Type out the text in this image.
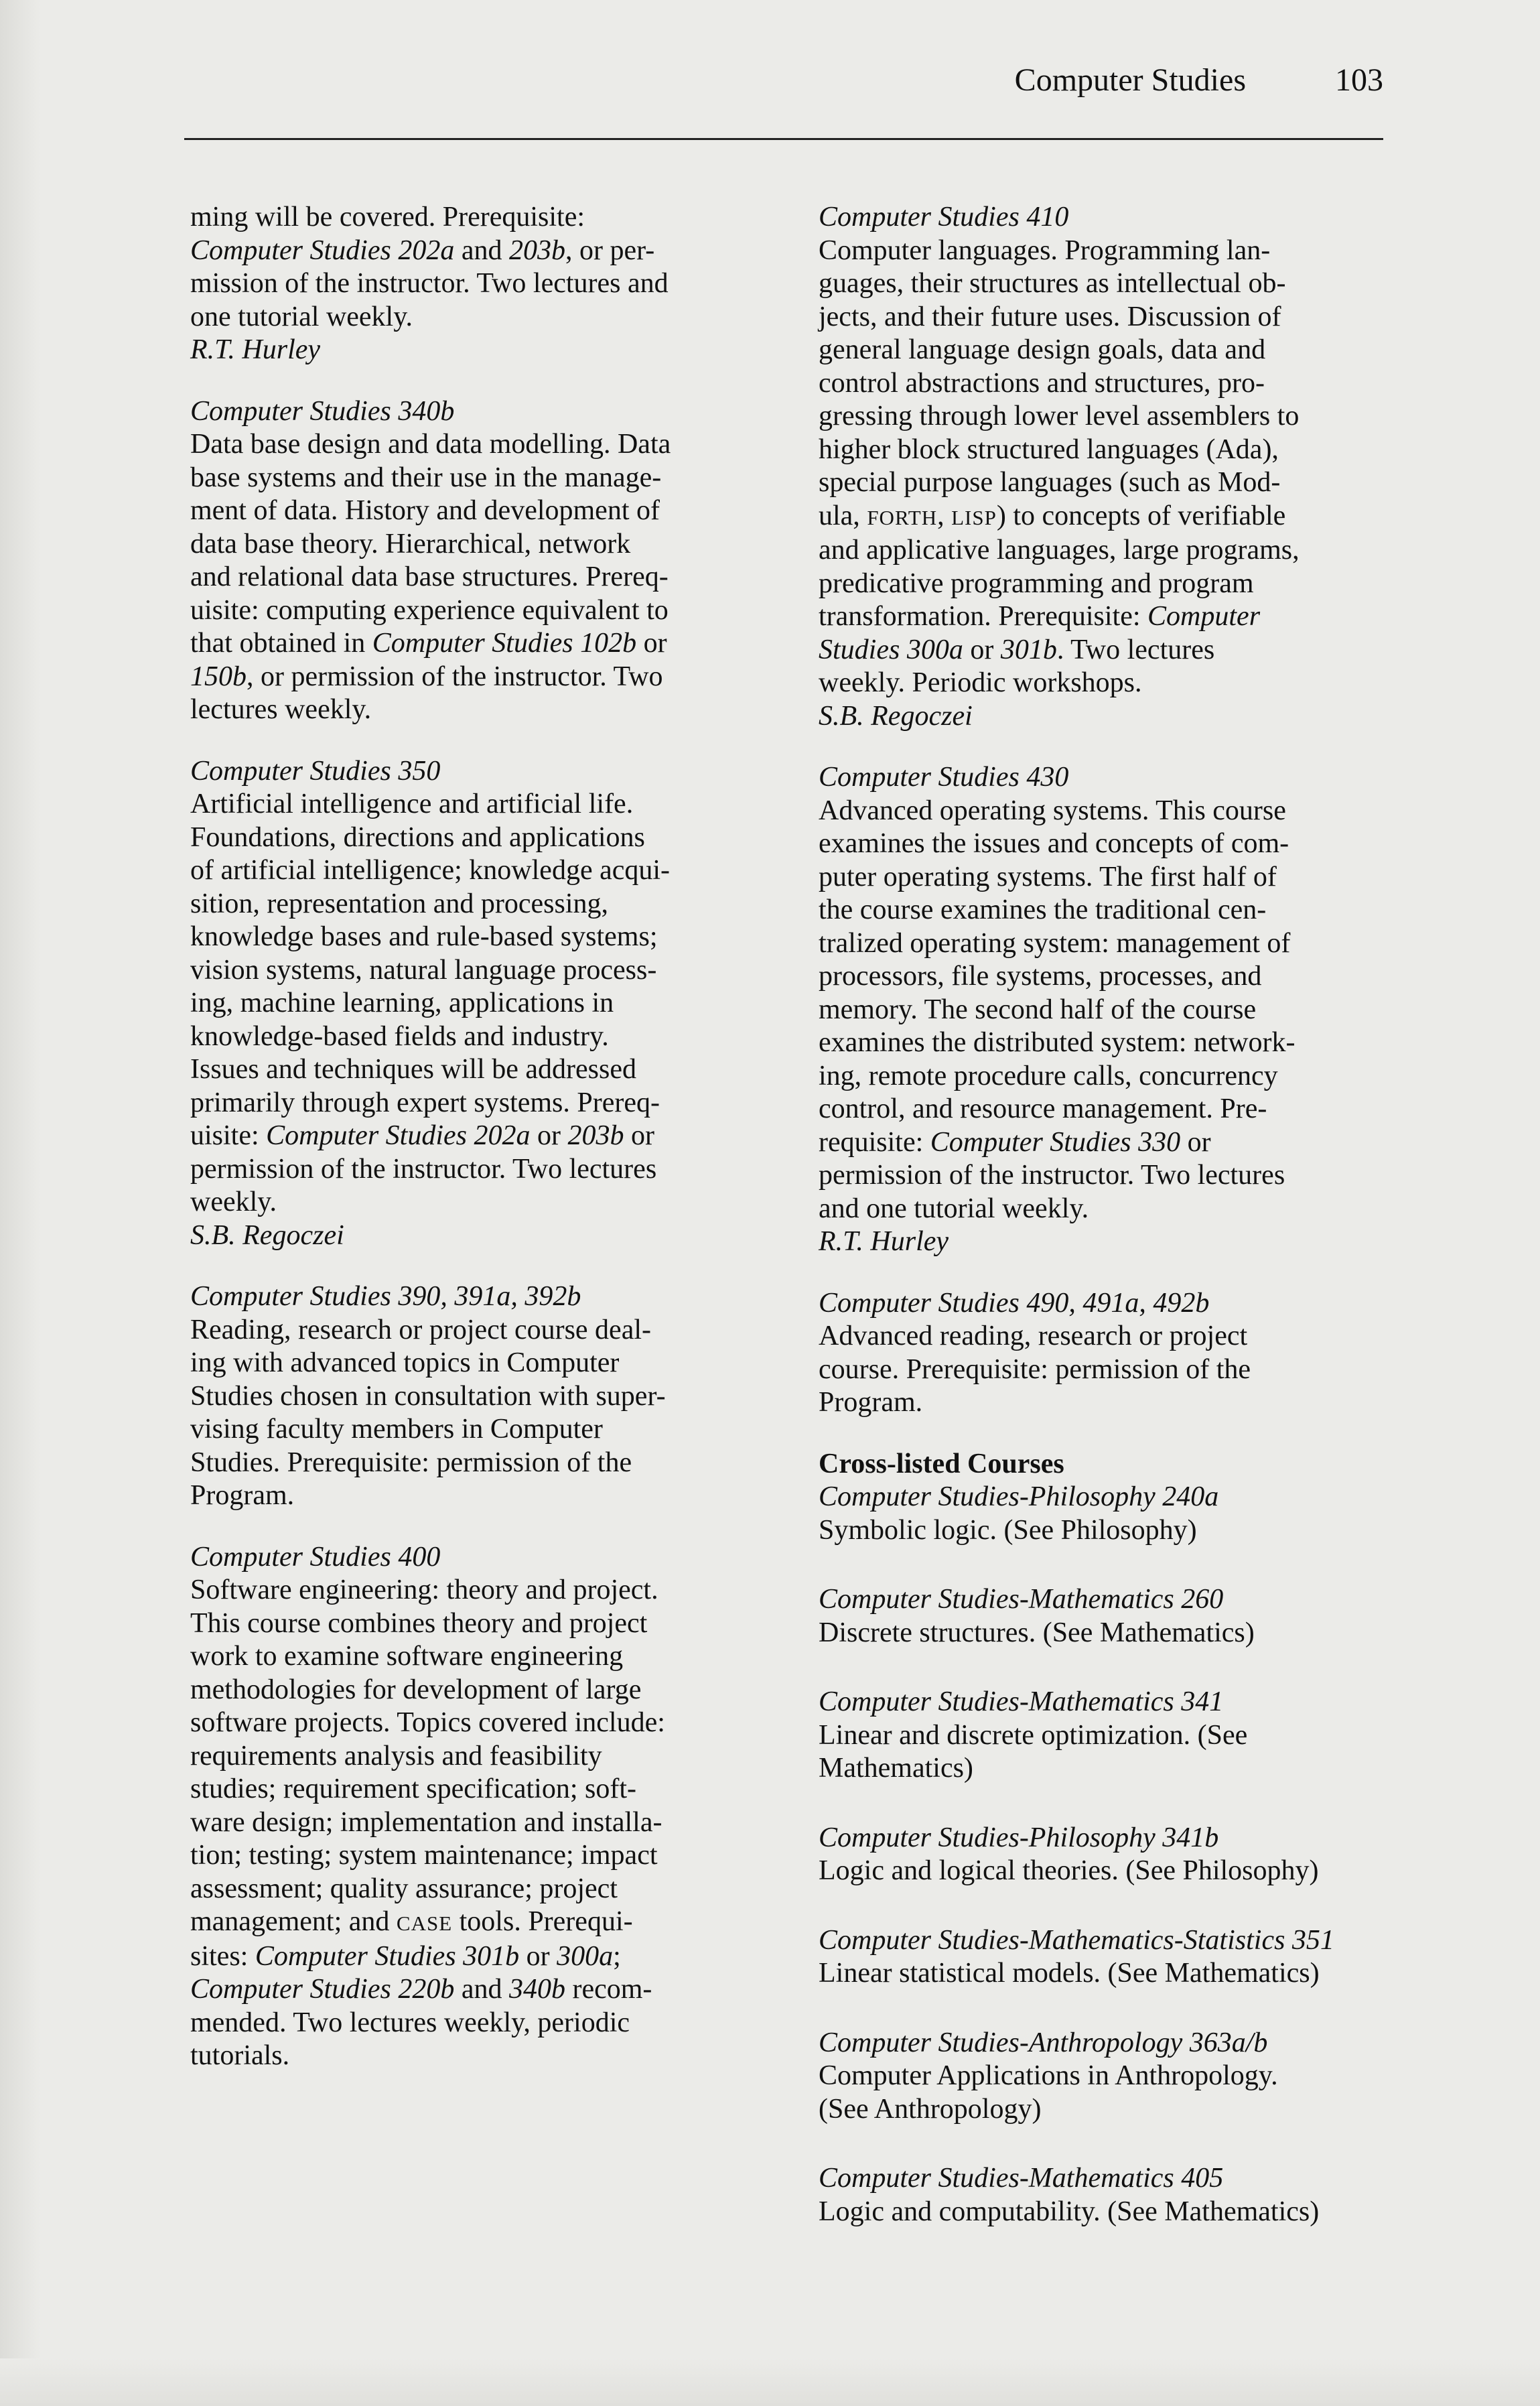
Computer Studies	103
ming will be covered. Prerequisite:
Computer Studies 202a and 203b, or per-
mission of the instructor. Two lectures and
one tutorial weekly.
R.T. Hurley
Computer Studies 340b
Data base design and data modelling. Data
base systems and their use in the manage-
ment of data. History and development of
data base theory. Hierarchical, network
and relational data base structures. Prereq-
uisite: computing experience equivalent to
that obtained in Computer Studies 102b or
150b, or permission of the instructor. Two
lectures weekly.
Computer Studies 350
Artificial intelligence and artificial life.
Foundations, directions and applications
of artificial intelligence; knowledge acqui-
sition, representation and processing,
knowledge bases and rule-based systems;
vision systems, natural language process-
ing, machine learning, applications in
knowledge-based fields and industry.
Issues and techniques will be addressed
primarily through expert systems. Prereq-
uisite: Computer Studies 202a or 203b or
permission of the instructor. Two lectures
weekly.
S.B. Regoczei
Computer Studies 390, 391a, 392b
Reading, research or project course deal-
ing with advanced topics in Computer
Studies chosen in consultation with super-
vising faculty members in Computer
Studies. Prerequisite: permission of the
Program.
Computer Studies 400
Software engineering: theory and project.
This course combines theory and project
work to examine software engineering
methodologies for development of large
software projects. Topics covered include:
requirements analysis and feasibility
studies; requirement specification; soft-
ware design; implementation and installa-
tion; testing; system maintenance; impact
assessment; quality assurance; project
management; and CASE tools. Prerequi-
sites: Computer Studies 301b or 300a;
Computer Studies 220b and 340b recom-
mended. Two lectures weekly, periodic
tutorials.
Computer Studies 410
Computer languages. Programming lan-
guages, their structures as intellectual ob-
jects, and their future uses. Discussion of
general language design goals, data and
control abstractions and structures, pro-
gressing through lower level assemblers to
higher block structured languages (Ada),
special purpose languages (such as Mod-
ula, FORTH, LISP) to concepts of verifiable
and applicative languages, large programs,
predicative programming and program
transformation. Prerequisite: Computer
Studies 300a or 301b. Two lectures
weekly. Periodic workshops.
S.B. Regoczei
Computer Studies 430
Advanced operating systems. This course
examines the issues and concepts of com-
puter operating systems. The first half of
the course examines the traditional cen-
tralized operating system: management of
processors, file systems, processes, and
memory. The second half of the course
examines the distributed system: network-
ing, remote procedure calls, concurrency
control, and resource management. Pre-
requisite: Computer Studies 330 or
permission of the instructor. Two lectures
and one tutorial weekly.
R.T. Hurley
Computer Studies 490, 491a, 492b
Advanced reading, research or project
course. Prerequisite: permission of the
Program.
Cross-listed Courses
Computer Studies-Philosophy 240a
Symbolic logic. (See Philosophy)
Computer Studies-Mathematics 260
Discrete structures. (See Mathematics)
Computer Studies-Mathematics 341
Linear and discrete optimization. (See
Mathematics)
Computer Studies-Philosophy 341b
Logic and logical theories. (See Philosophy)
Computer Studies-Mathematics-Statistics 351
Linear statistical models. (See Mathematics)
Computer Studies-Anthropology 363a/b
Computer Applications in Anthropology.
(See Anthropology)
Computer Studies-Mathematics 405
Logic and computability. (See Mathematics)
